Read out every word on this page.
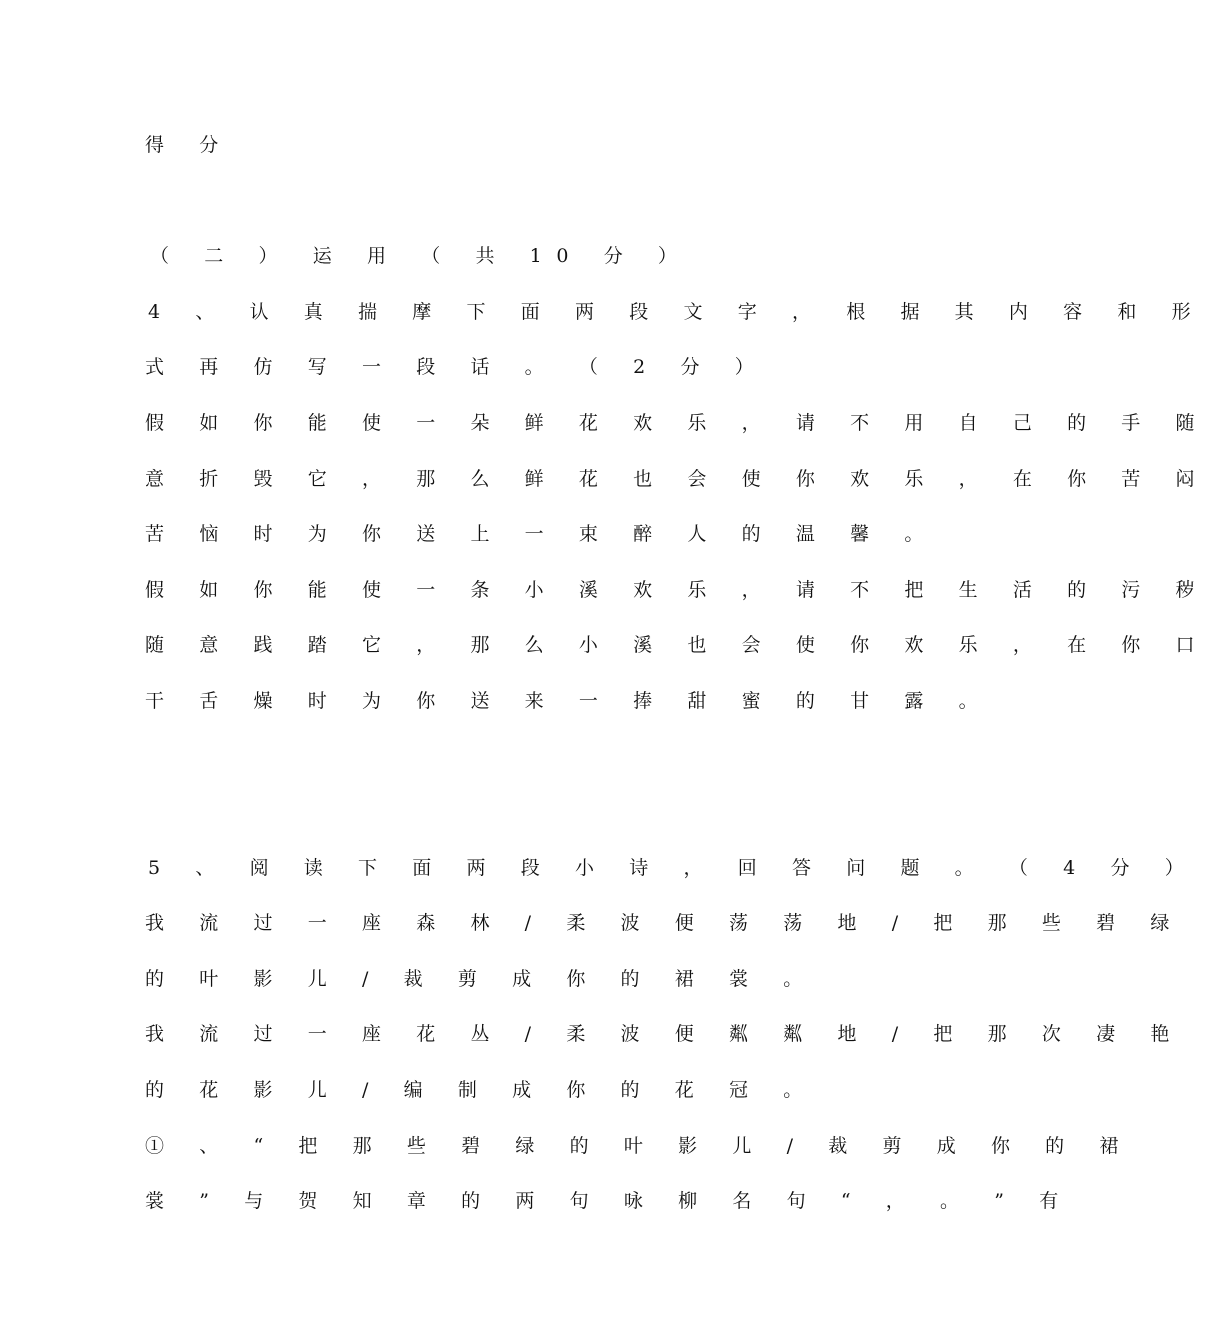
得 分
（ 二 ） 运 用 （ 共 10 分 ）
4 、 认 真 揣 摩 下 面 两 段 文 字 ， 根 据 其 内 容 和 形
式 再 仿 写 一 段 话 。 （ 2 分 ）
假 如 你 能 使 一 朵 鲜 花 欢 乐 ， 请 不 用 自 己 的 手 随
意 折 毁 它 ， 那 么 鲜 花 也 会 使 你 欢 乐 ， 在 你 苦 闷
苦 恼 时 为 你 送 上 一 束 醉 人 的 温 馨 。
假 如 你 能 使 一 条 小 溪 欢 乐 ， 请 不 把 生 活 的 污 秽
随 意 践 踏 它 ， 那 么 小 溪 也 会 使 你 欢 乐 ， 在 你 口
干 舌 燥 时 为 你 送 来 一 捧 甜 蜜 的 甘 露 。
5 、 阅 读 下 面 两 段 小 诗 ， 回 答 问 题 。 （ 4 分 ）
我 流 过 一 座 森 林 / 柔 波 便 荡 荡 地 / 把 那 些 碧 绿
的 叶 影 儿 / 裁 剪 成 你 的 裙 裳 。
我 流 过 一 座 花 丛 / 柔 波 便 粼 粼 地 / 把 那 次 凄 艳
的 花 影 儿 / 编 制 成 你 的 花 冠 。
① 、 “ 把 那 些 碧 绿 的 叶 影 儿 / 裁 剪 成 你 的 裙
裳 ” 与 贺 知 章 的 两 句 咏 柳 名 句 “ ， 。 ” 有
